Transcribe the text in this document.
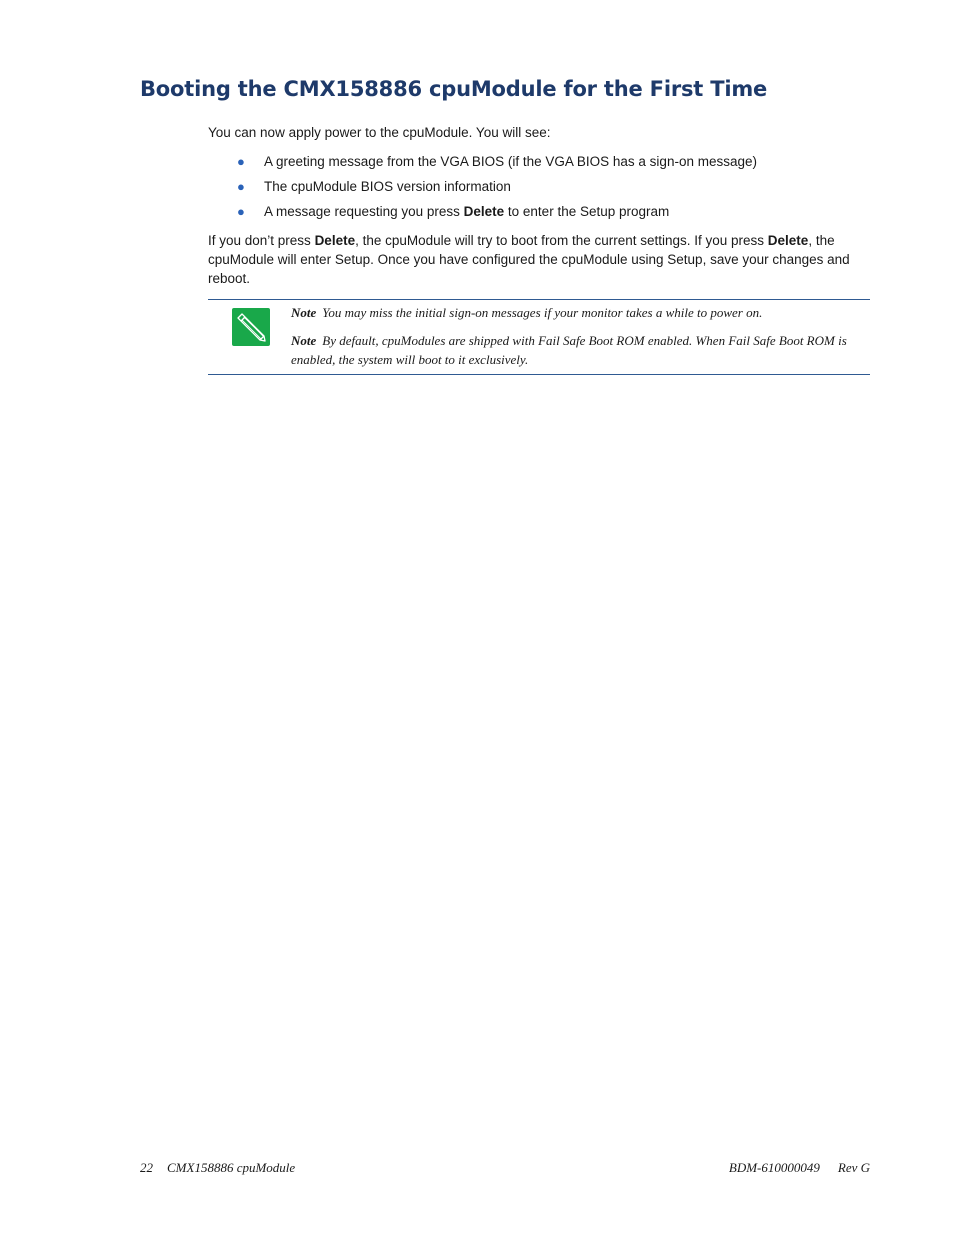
Booting the CMX158886 cpuModule for the First Time

You can now apply power to the cpuModule. You will see:

● A greeting message from the VGA BIOS (if the VGA BIOS has a sign-on message)
● The cpuModule BIOS version information
● A message requesting you press Delete to enter the Setup program

If you don’t press Delete, the cpuModule will try to boot from the current settings. If you press Delete, the cpuModule will enter Setup. Once you have configured the cpuModule using Setup, save your changes and reboot.

Note You may miss the initial sign-on messages if your monitor takes a while to power on.

Note By default, cpuModules are shipped with Fail Safe Boot ROM enabled. When Fail Safe Boot ROM is enabled, the system will boot to it exclusively.

22 CMX158886 cpuModule	BDM-610000049 Rev G
